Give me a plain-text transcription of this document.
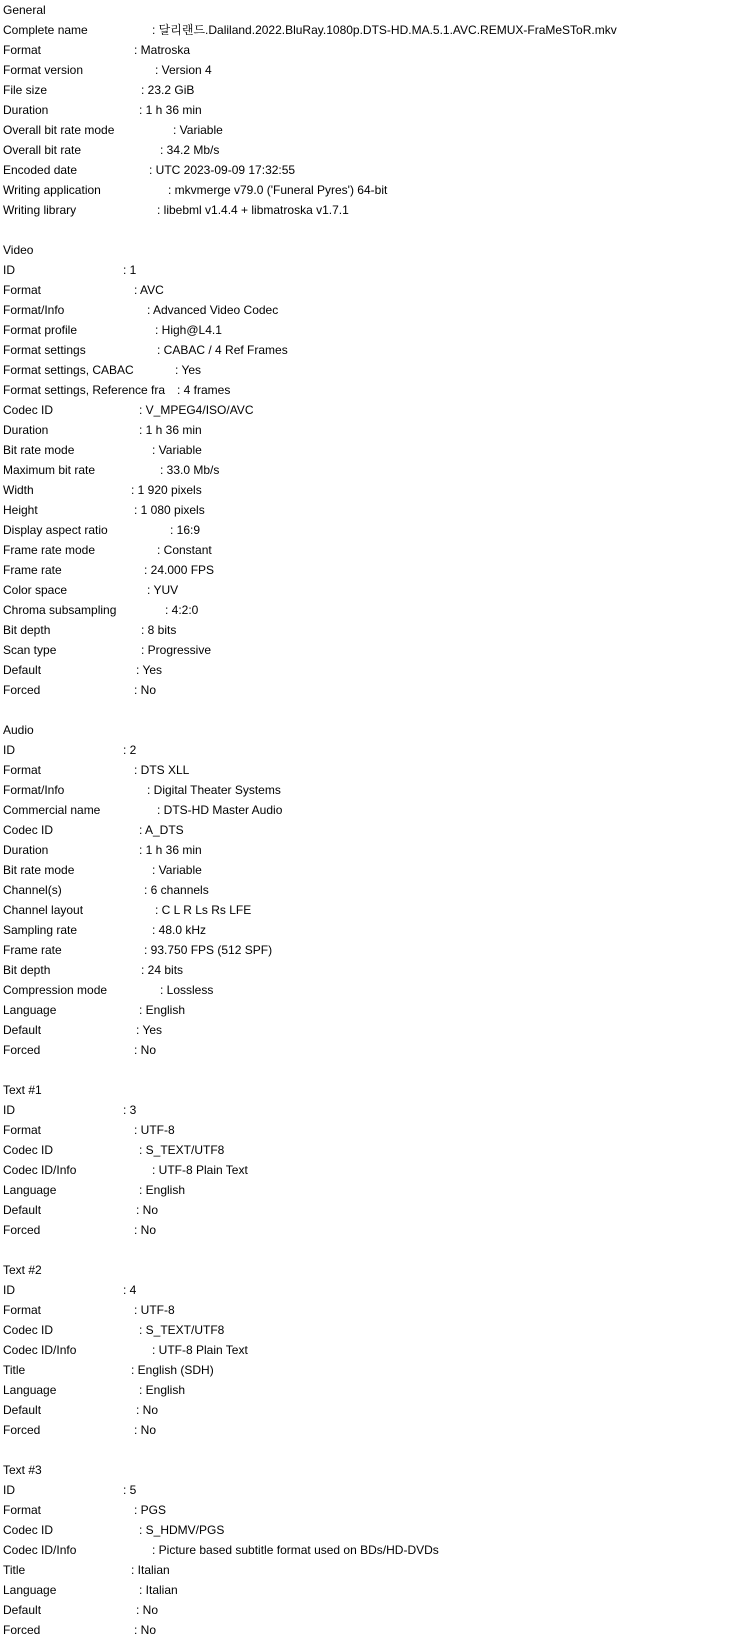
General
Complete name	: 달리랜드.Daliland.2022.BluRay.1080p.DTS-HD.MA.5.1.AVC.REMUX-FraMeSToR.mkv
Format	: Matroska
Format version	: Version 4
File size	: 23.2 GiB
Duration	: 1 h 36 min
Overall bit rate mode	: Variable
Overall bit rate	: 34.2 Mb/s
Encoded date	: UTC 2023-09-09 17:32:55
Writing application	: mkvmerge v79.0 ('Funeral Pyres') 64-bit
Writing library	: libebml v1.4.4 + libmatroska v1.7.1
Video
ID	: 1
Format	: AVC
Format/Info	: Advanced Video Codec
Format profile	: High@L4.1
Format settings	: CABAC / 4 Ref Frames
Format settings, CABAC	: Yes
Format settings, Reference fra : 4 frames
Codec ID	: V_MPEG4/ISO/AVC
Duration	: 1 h 36 min
Bit rate mode	: Variable
Maximum bit rate	: 33.0 Mb/s
Width	: 1 920 pixels
Height	: 1 080 pixels
Display aspect ratio	: 16:9
Frame rate mode	: Constant
Frame rate	: 24.000 FPS
Color space	: YUV
Chroma subsampling	: 4:2:0
Bit depth	: 8 bits
Scan type	: Progressive
Default	: Yes
Forced	: No
Audio
ID	: 2
Format	: DTS XLL
Format/Info	: Digital Theater Systems
Commercial name	: DTS-HD Master Audio
Codec ID	: A_DTS
Duration	: 1 h 36 min
Bit rate mode	: Variable
Channel(s)	: 6 channels
Channel layout	: C L R Ls Rs LFE
Sampling rate	: 48.0 kHz
Frame rate	: 93.750 FPS (512 SPF)
Bit depth	: 24 bits
Compression mode	: Lossless
Language	: English
Default	: Yes
Forced	: No
Text #1
ID	: 3
Format	: UTF-8
Codec ID	: S_TEXT/UTF8
Codec ID/Info	: UTF-8 Plain Text
Language	: English
Default	: No
Forced	: No
Text #2
ID	: 4
Format	: UTF-8
Codec ID	: S_TEXT/UTF8
Codec ID/Info	: UTF-8 Plain Text
Title	: English (SDH)
Language	: English
Default	: No
Forced	: No
Text #3
ID	: 5
Format	: PGS
Codec ID	: S_HDMV/PGS
Codec ID/Info	: Picture based subtitle format used on BDs/HD-DVDs
Title	: Italian
Language	: Italian
Default	: No
Forced	: No
